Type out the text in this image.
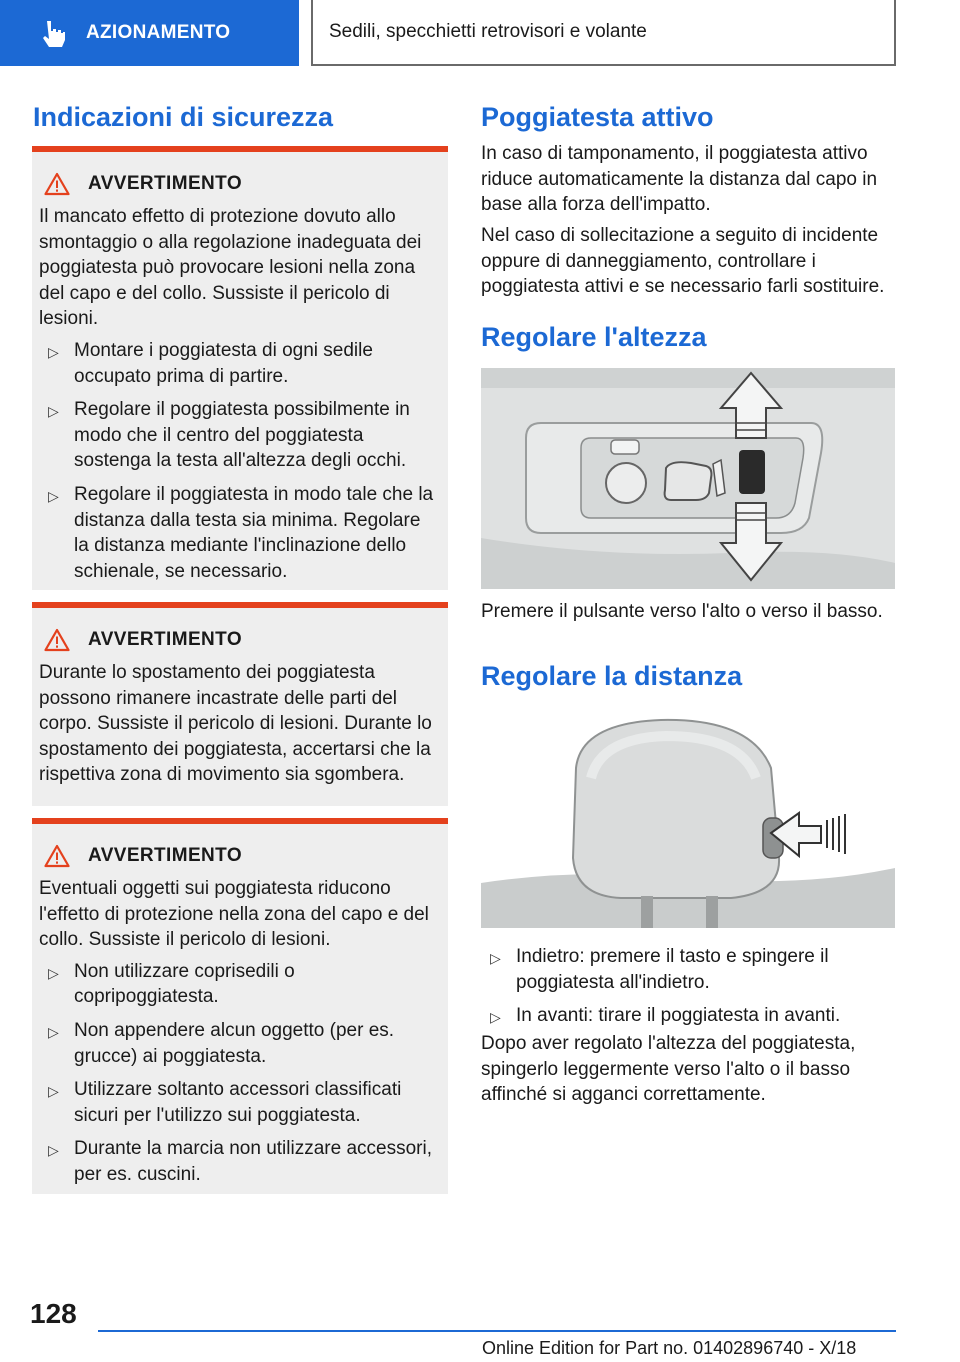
AZIONAMENTO	Sedili, specchietti retrovisori e volante
Indicazioni di sicurezza
AVVERTIMENTO
Il mancato effetto di protezione dovuto allo smontaggio o alla regolazione inadeguata dei poggiatesta può provocare lesioni nella zona del capo e del collo. Sussiste il pericolo di lesioni.
▷ Montare i poggiatesta di ogni sedile occupato prima di partire.
▷ Regolare il poggiatesta possibilmente in modo che il centro del poggiatesta sostenga la testa all'altezza degli occhi.
▷ Regolare il poggiatesta in modo tale che la distanza dalla testa sia minima. Regolare la distanza mediante l'inclinazione dello schienale, se necessario.
AVVERTIMENTO
Durante lo spostamento dei poggiatesta possono rimanere incastrate delle parti del corpo. Sussiste il pericolo di lesioni. Durante lo spostamento dei poggiatesta, accertarsi che la rispettiva zona di movimento sia sgombera.
AVVERTIMENTO
Eventuali oggetti sui poggiatesta riducono l'effetto di protezione nella zona del capo e del collo. Sussiste il pericolo di lesioni.
▷ Non utilizzare coprisedili o copripoggiatesta.
▷ Non appendere alcun oggetto (per es. grucce) ai poggiatesta.
▷ Utilizzare soltanto accessori classificati sicuri per l'utilizzo sui poggiatesta.
▷ Durante la marcia non utilizzare accessori, per es. cuscini.
Poggiatesta attivo
In caso di tamponamento, il poggiatesta attivo riduce automaticamente la distanza dal capo in base alla forza dell'impatto.
Nel caso di sollecitazione a seguito di incidente oppure di danneggiamento, controllare i poggiatesta attivi e se necessario farli sostituire.
Regolare l'altezza
Premere il pulsante verso l'alto o verso il basso.
Regolare la distanza
▷ Indietro: premere il tasto e spingere il poggiatesta all'indietro.
▷ In avanti: tirare il poggiatesta in avanti.
Dopo aver regolato l'altezza del poggiatesta, spingerlo leggermente verso l'alto o il basso affinché si agganci correttamente.
128
Online Edition for Part no. 01402896740 - X/18
